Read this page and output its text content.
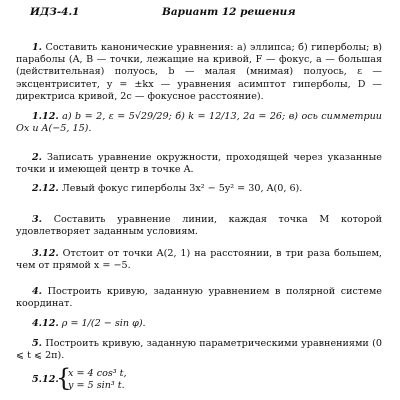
ИДЗ-4.1	Вариант 12 решения
1. Составить канонические уравнения: а) эллипса; б) гиперболы; в) параболы (A, B — точки, лежащие на кривой, F — фокус, a — большая (действительная) полуось, b — малая (мнимая) полуось, ε — эксцентриситет, y = ±kx — уравнения асимптот гиперболы, D — директриса кривой, 2c — фокусное расстояние).
1.12. а) b = 2, ε = 5√29/29; б) k = 12/13, 2a = 26; в) ось симметрии Ox и A(−5, 15).
2. Записать уравнение окружности, проходящей через указанные точки и имеющей центр в точке A.
2.12. Левый фокус гиперболы 3x² − 5y² = 30, A(0, 6).
3. Составить уравнение линии, каждая точка M которой удовлетворяет заданным условиям.
3.12. Отстоит от точки A(2, 1) на расстоянии, в три раза большем, чем от прямой x = −5.
4. Построить кривую, заданную уравнением в полярной системе координат.
4.12. ρ = 1/(2 − sin φ).
5. Построить кривую, заданную параметрическими уравнениями (0 ⩽ t ⩽ 2π).
5.12.
{
x = 4 cos³ t,
y = 5 sin³ t.
